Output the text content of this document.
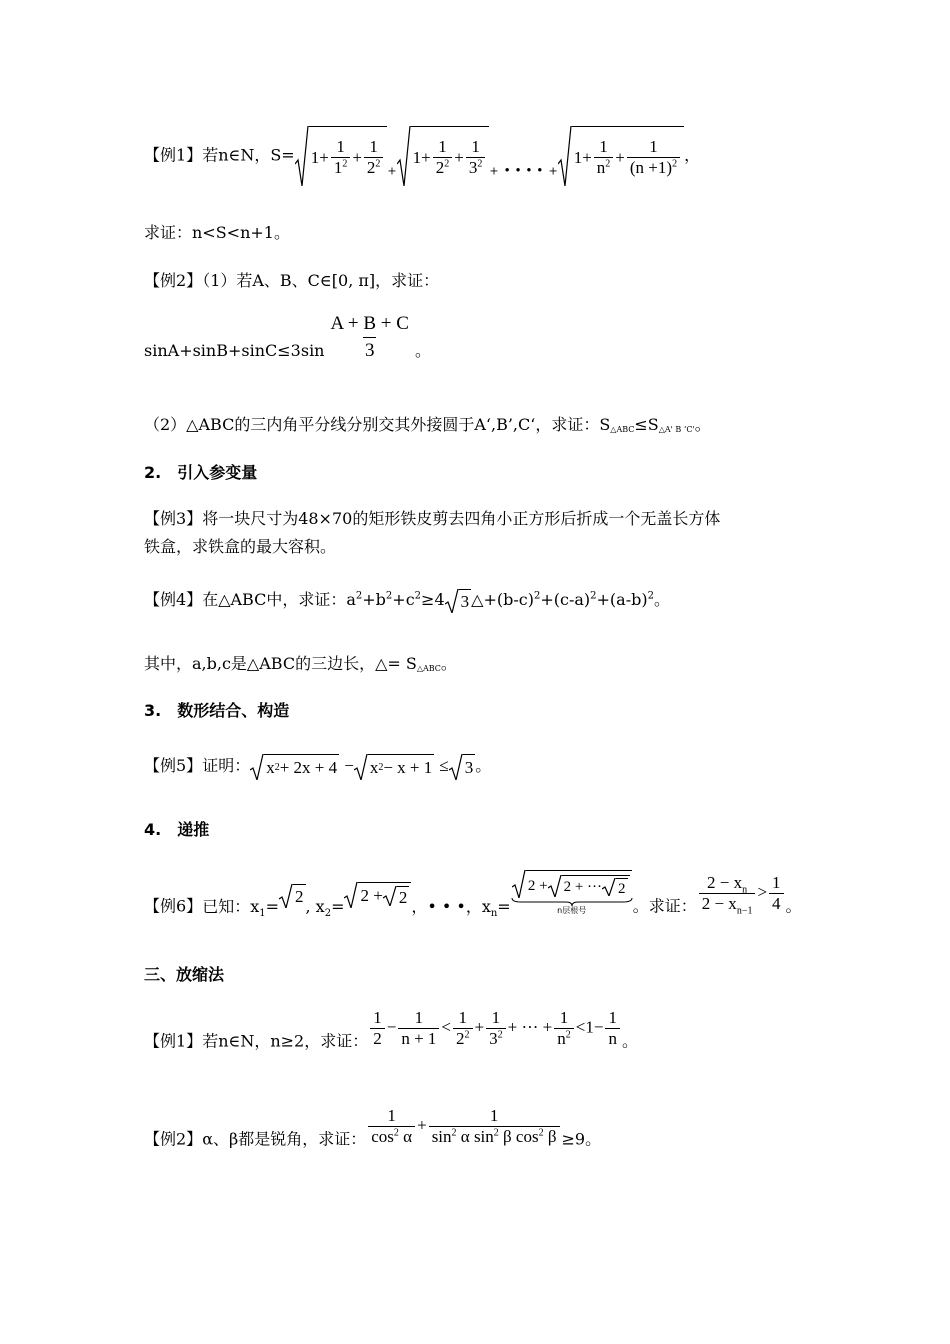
【例1】若n∈N，$S= 1 + \frac{1}{1^2} + \frac{1}{2^2} _+$
$1 + \frac{1}{2^2} + \frac{1}{3^2} _+$ $_{• • • •}$ $_+$
$1 + \frac{1}{n^2} + \frac{1}{(n +1)^2}$ ，
求证：n<S<n+1。
【例2】（1）若A、B、C∈[0, π]，求证：
$\sin A+\sin B+\sin C\le 3\sin \frac{A + B + C}{3}$ 。
（2）△ABC的三内角平分线分别交其外接圆于A‘,B’,C‘，求证：S△ABC≤S△A' B ‘C'。
2.　引入参变量
【例3】将一块尺寸为48×70的矩形铁皮剪去四角小正方形后折成一个无盖长方体
铁盒，求铁盒的最大容积。
【例4】在△ABC中，求证：$a^2+b^2+c^2\ge 4$ 3 $\triangle+(b-c)^2+(c-a)^2+(a-b)^2$。
其中，a,b,c是△ABC的三边长，△= S△ABC。
3.　数形结合、构造
【例5】证明： x 2 + 2x + 4 − x 2 − x + 1 ≤ 3 。
4.　递推
【例6】已知：$x_1= 2$ , $x_2=$
2 + 2 ，• • •，$x_n=$
2 + 2 + ··· 2
n层根号	。求证： $\frac{2 - x_n}{2 - x_{n-1}} > \frac{1}{4}$ 。
三、放缩法
【例1】若n∈N，n≥2，求证： $\frac{1}{2} - \frac{1}{n + 1} < \frac{1}{2^2} + \frac{1}{3^2}$ + ··· + $\frac{1}{n^2} <1- \frac{1}{n}$ 。
【例2】α、β都是锐角，求证： $\frac{1}{\cos^2 \alpha} + \frac{1}{\sin^2 \alpha \sin^2 \beta \cos^2 \beta} \ge 9$。
